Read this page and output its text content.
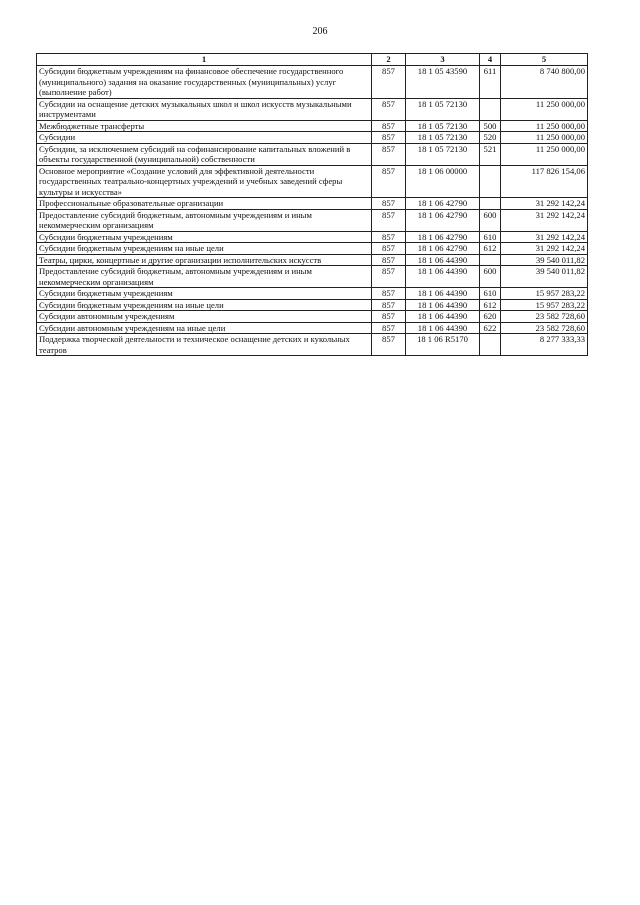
206
1	2	3	4	5
Субсидии бюджетным учреждениям на финансовое обеспечение государственного (муниципального) задания на оказание государственных (муниципальных) услуг (выполнение работ)	857	18 1 05 43590	611	8 740 800,00
Субсидии на оснащение детских музыкальных школ и школ искусств музыкальными инструментами	857	18 1 05 72130		11 250 000,00
Межбюджетные трансферты	857	18 1 05 72130	500	11 250 000,00
Субсидии	857	18 1 05 72130	520	11 250 000,00
Субсидии, за исключением субсидий на софинансирование капитальных вложений в объекты государственной (муниципальной) собственности	857	18 1 05 72130	521	11 250 000,00
Основное мероприятие «Создание условий для эффективной деятельности государственных театрально-концертных учреждений и учебных заведений сферы культуры и искусства»	857	18 1 06 00000		117 826 154,06
Профессиональные образовательные организации	857	18 1 06 42790		31 292 142,24
Предоставление субсидий бюджетным, автономным учреждениям и иным некоммерческим организациям	857	18 1 06 42790	600	31 292 142,24
Субсидии бюджетным учреждениям	857	18 1 06 42790	610	31 292 142,24
Субсидии бюджетным учреждениям на иные цели	857	18 1 06 42790	612	31 292 142,24
Театры, цирки, концертные и другие организации исполнительских искусств	857	18 1 06 44390		39 540 011,82
Предоставление субсидий бюджетным, автономным учреждениям и иным некоммерческим организациям	857	18 1 06 44390	600	39 540 011,82
Субсидии бюджетным учреждениям	857	18 1 06 44390	610	15 957 283,22
Субсидии бюджетным учреждениям на иные цели	857	18 1 06 44390	612	15 957 283,22
Субсидии автономным учреждениям	857	18 1 06 44390	620	23 582 728,60
Субсидии автономным учреждениям на иные цели	857	18 1 06 44390	622	23 582 728,60
Поддержка творческой деятельности и техническое оснащение детских и кукольных театров	857	18 1 06 R5170		8 277 333,33
